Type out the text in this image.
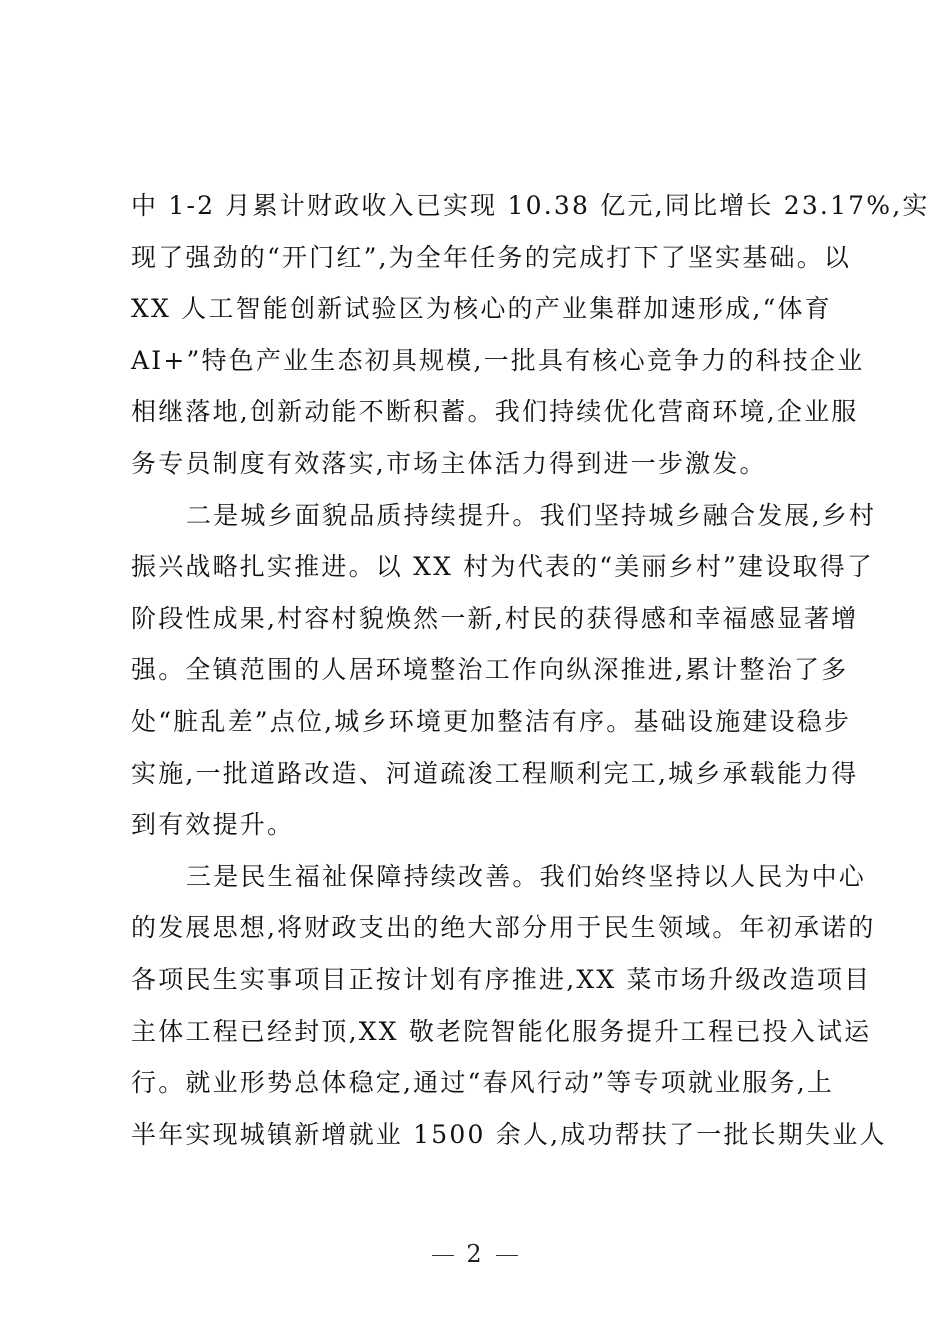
中 1-2 月累计财政收入已实现 10.38 亿元,同比增长 23.17%,实
现了强劲的“开门红”,为全年任务的完成打下了坚实基础。以
XX 人工智能创新试验区为核心的产业集群加速形成,“体育
AI+”特色产业生态初具规模,一批具有核心竞争力的科技企业
相继落地,创新动能不断积蓄。我们持续优化营商环境,企业服
务专员制度有效落实,市场主体活力得到进一步激发。
二是城乡面貌品质持续提升。我们坚持城乡融合发展,乡村
振兴战略扎实推进。以 XX 村为代表的“美丽乡村”建设取得了
阶段性成果,村容村貌焕然一新,村民的获得感和幸福感显著增
强。全镇范围的人居环境整治工作向纵深推进,累计整治了多
处“脏乱差”点位,城乡环境更加整洁有序。基础设施建设稳步
实施,一批道路改造、河道疏浚工程顺利完工,城乡承载能力得
到有效提升。
三是民生福祉保障持续改善。我们始终坚持以人民为中心
的发展思想,将财政支出的绝大部分用于民生领域。年初承诺的
各项民生实事项目正按计划有序推进,XX 菜市场升级改造项目
主体工程已经封顶,XX 敬老院智能化服务提升工程已投入试运
行。就业形势总体稳定,通过“春风行动”等专项就业服务,上
半年实现城镇新增就业 1500 余人,成功帮扶了一批长期失业人
2
